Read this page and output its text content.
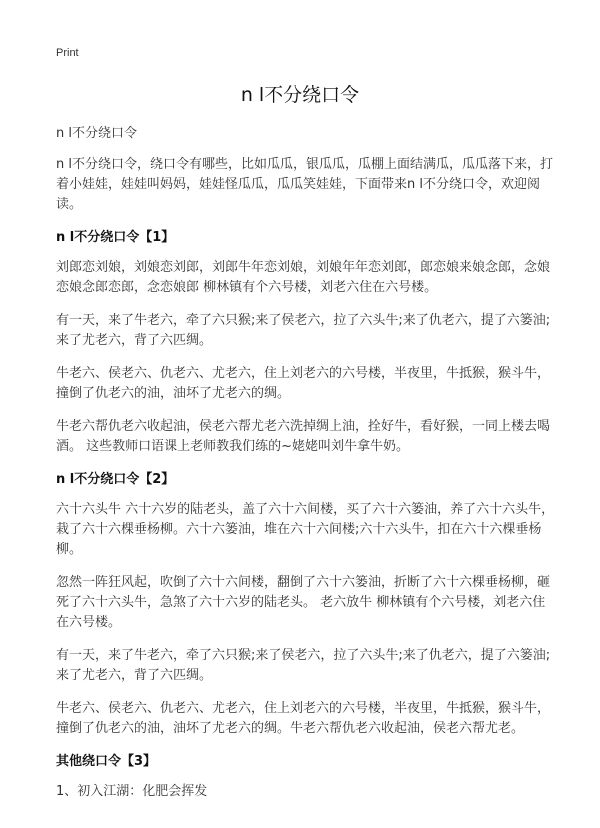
Print
n l不分绕口令

n l不分绕口令

n l不分绕口令，绕口令有哪些，比如瓜瓜，银瓜瓜，瓜棚上面结满瓜，瓜瓜落下来，打着小娃娃，娃娃叫妈妈，娃娃怪瓜瓜，瓜瓜笑娃娃，下面带来n l不分绕口令，欢迎阅读。

n l不分绕口令【1】

刘郎恋刘娘，刘娘恋刘郎，刘郎牛年恋刘娘，刘娘年年恋刘郎，郎恋娘来娘念郎，念娘恋娘念郎恋郎，念恋娘郎 柳林镇有个六号楼，刘老六住在六号楼。

有一天，来了牛老六，牵了六只猴;来了侯老六，拉了六头牛;来了仇老六，提了六篓油;来了尤老六，背了六匹绸。

牛老六、侯老六、仇老六、尤老六，住上刘老六的六号楼，半夜里，牛抵猴，猴斗牛，撞倒了仇老六的油，油坏了尤老六的绸。

牛老六帮仇老六收起油，侯老六帮尤老六洗掉绸上油，拴好牛，看好猴，一同上楼去喝酒。 这些教师口语课上老师教我们练的~姥姥叫刘牛拿牛奶。

n l不分绕口令【2】

六十六头牛 六十六岁的陆老头，盖了六十六间楼，买了六十六篓油，养了六十六头牛，栽了六十六棵垂杨柳。六十六篓油，堆在六十六间楼;六十六头牛，扣在六十六棵垂杨柳。

忽然一阵狂风起，吹倒了六十六间楼，翻倒了六十六篓油，折断了六十六棵垂杨柳，砸死了六十六头牛，急煞了六十六岁的陆老头。 老六放牛 柳林镇有个六号楼，刘老六住在六号楼。

有一天，来了牛老六，牵了六只猴;来了侯老六，拉了六头牛;来了仇老六，提了六篓油;来了尤老六，背了六匹绸。

牛老六、侯老六、仇老六、尤老六，住上刘老六的六号楼，半夜里，牛抵猴，猴斗牛，撞倒了仇老六的油，油坏了尤老六的绸。牛老六帮仇老六收起油，侯老六帮尤老。

其他绕口令【3】

1、初入江湖：化肥会挥发
